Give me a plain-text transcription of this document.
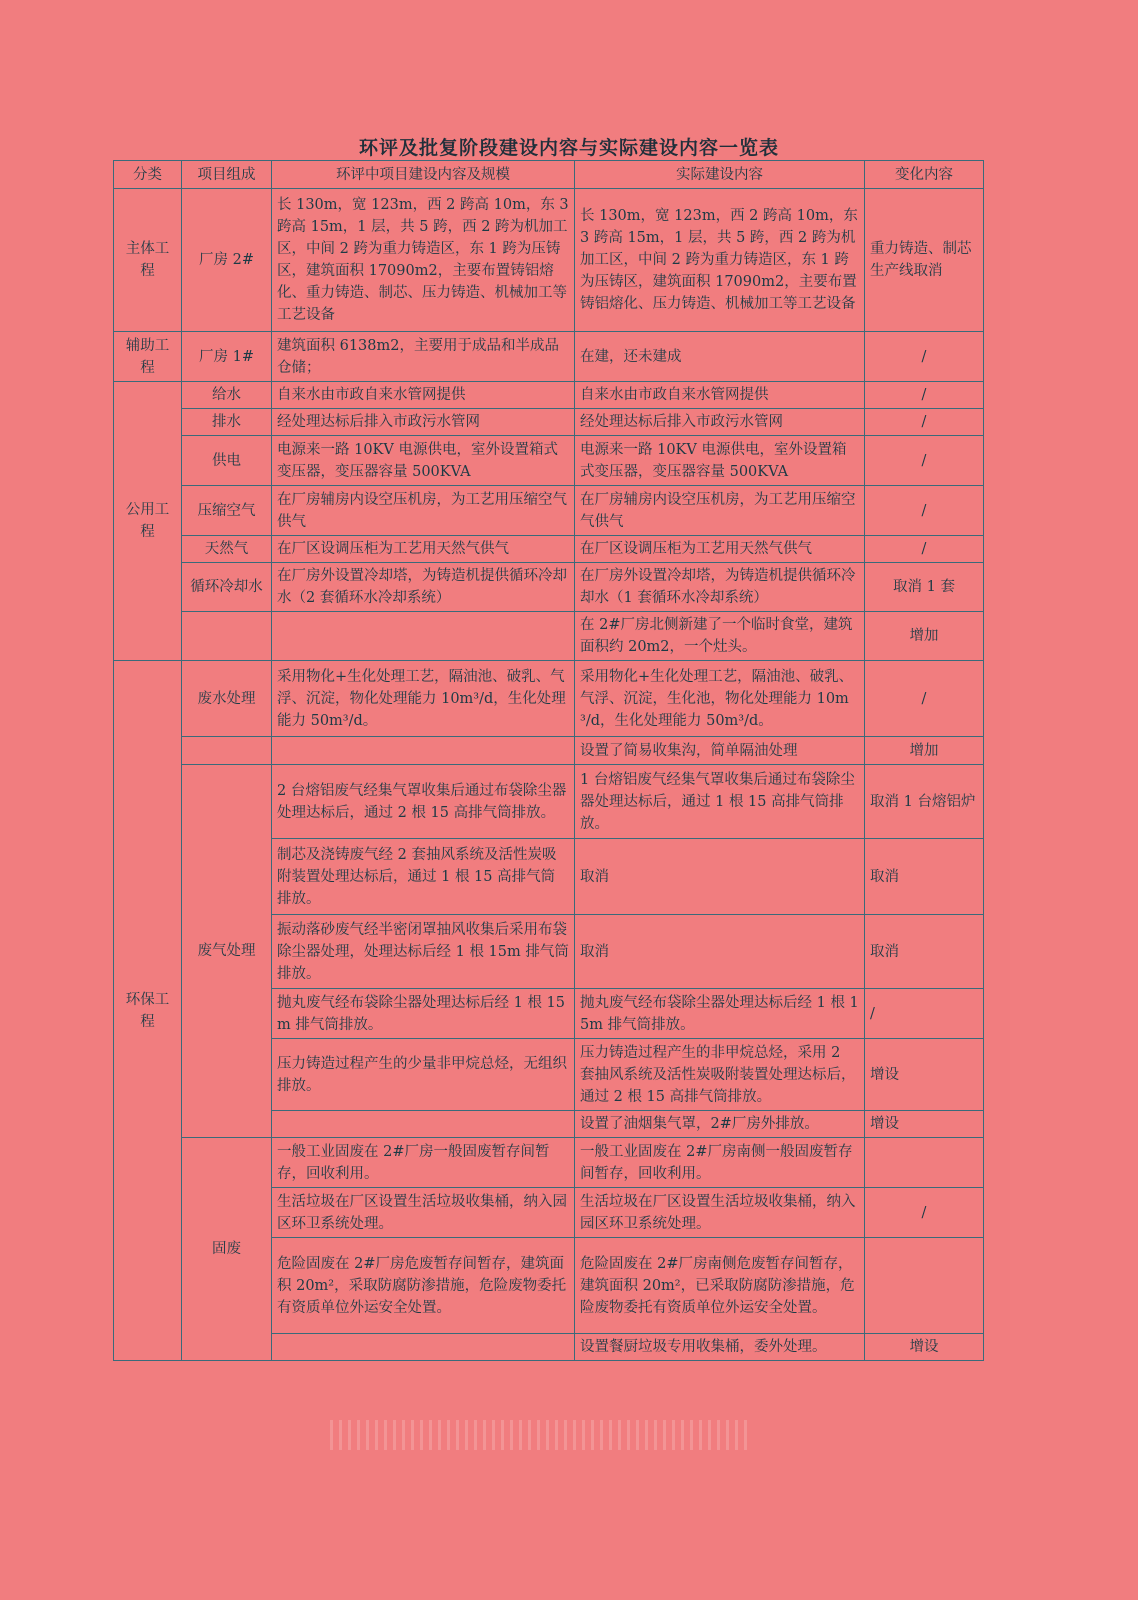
环评及批复阶段建设内容与实际建设内容一览表
分类	项目组成	环评中项目建设内容及规模	实际建设内容	变化内容
主体工程	厂房 2#	长 130m，宽 123m，西 2 跨高 10m，东 3 跨高 15m，1 层，共 5 跨，西 2 跨为机加工区，中间 2 跨为重力铸造区，东 1 跨为压铸区，建筑面积 17090m2，主要布置铸铝熔化、重力铸造、制芯、压力铸造、机械加工等工艺设备	长 130m，宽 123m，西 2 跨高 10m，东 3 跨高 15m，1 层，共 5 跨，西 2 跨为机加工区，中间 2 跨为重力铸造区，东 1 跨为压铸区，建筑面积 17090m2，主要布置铸铝熔化、压力铸造、机械加工等工艺设备	重力铸造、制芯生产线取消
辅助工程	厂房 1#	建筑面积 6138m2，主要用于成品和半成品仓储；	在建，还未建成	/
公用工程	给水	自来水由市政自来水管网提供	自来水由市政自来水管网提供	/
	排水	经处理达标后排入市政污水管网	经处理达标后排入市政污水管网	/
	供电	电源来一路 10KV 电源供电，室外设置箱式变压器，变压器容量 500KVA	电源来一路 10KV 电源供电，室外设置箱式变压器，变压器容量 500KVA	/
	压缩空气	在厂房辅房内设空压机房，为工艺用压缩空气供气	在厂房辅房内设空压机房，为工艺用压缩空气供气	/
	天然气	在厂区设调压柜为工艺用天然气供气	在厂区设调压柜为工艺用天然气供气	/
	循环冷却水	在厂房外设置冷却塔，为铸造机提供循环冷却水（2 套循环水冷却系统）	在厂房外设置冷却塔，为铸造机提供循环冷却水（1 套循环水冷却系统）	取消 1 套
			在 2#厂房北侧新建了一个临时食堂，建筑面积约 20m2，一个灶头。	增加
环保工程	废水处理	采用物化+生化处理工艺，隔油池、破乳、气浮、沉淀，物化处理能力 10m³/d，生化处理能力 50m³/d。	采用物化+生化处理工艺，隔油池、破乳、气浮、沉淀，生化池，物化处理能力 10m³/d，生化处理能力 50m³/d。	/
			设置了简易收集沟，简单隔油处理	增加
	废气处理	2 台熔铝废气经集气罩收集后通过布袋除尘器处理达标后，通过 2 根 15 高排气筒排放。	1 台熔铝废气经集气罩收集后通过布袋除尘器处理达标后，通过 1 根 15 高排气筒排放。	取消 1 台熔铝炉
		制芯及浇铸废气经 2 套抽风系统及活性炭吸附装置处理达标后，通过 1 根 15 高排气筒排放。	取消	取消
		振动落砂废气经半密闭罩抽风收集后采用布袋除尘器处理，处理达标后经 1 根 15m 排气筒排放。	取消	取消
		抛丸废气经布袋除尘器处理达标后经 1 根 15m 排气筒排放。	抛丸废气经布袋除尘器处理达标后经 1 根 15m 排气筒排放。	/
		压力铸造过程产生的少量非甲烷总烃，无组织排放。	压力铸造过程产生的非甲烷总烃，采用 2 套抽风系统及活性炭吸附装置处理达标后，通过 2 根 15 高排气筒排放。	增设
			设置了油烟集气罩，2#厂房外排放。	增设
	固废	一般工业固废在 2#厂房一般固废暂存间暂存，回收利用。	一般工业固废在 2#厂房南侧一般固废暂存间暂存，回收利用。	
		生活垃圾在厂区设置生活垃圾收集桶，纳入园区环卫系统处理。	生活垃圾在厂区设置生活垃圾收集桶，纳入园区环卫系统处理。	/
		危险固废在 2#厂房危废暂存间暂存，建筑面积 20m²，采取防腐防渗措施，危险废物委托有资质单位外运安全处置。	危险固废在 2#厂房南侧危废暂存间暂存，建筑面积 20m²，已采取防腐防渗措施，危险废物委托有资质单位外运安全处置。	
			设置餐厨垃圾专用收集桶，委外处理。	增设
